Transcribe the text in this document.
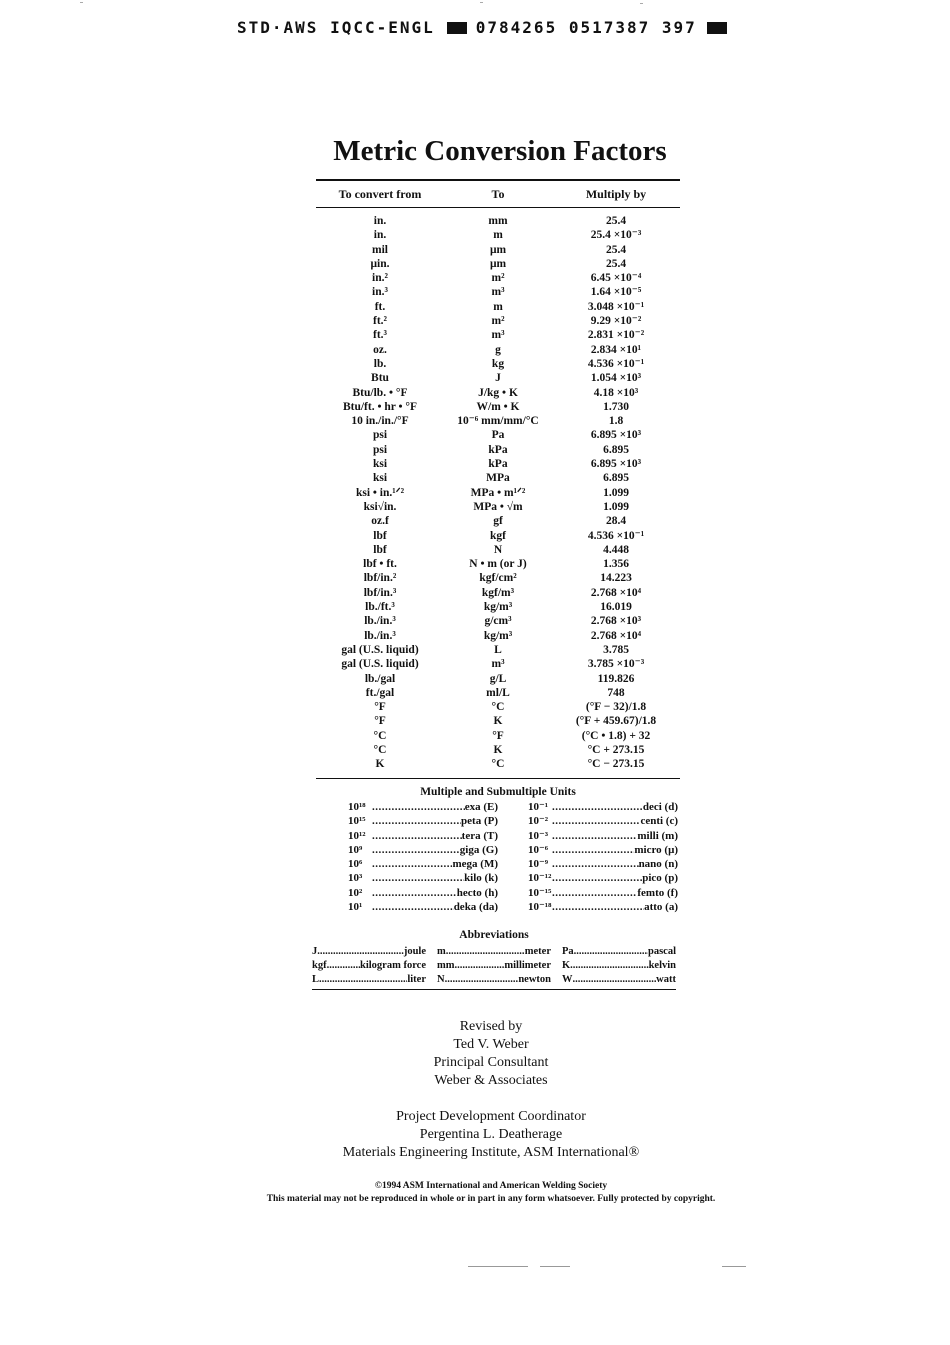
STD·AWS IQCC-ENGL	0784265 0517387 397
Metric Conversion Factors
To convert from	To	Multiply by
in.	mm	25.4
in.	m	25.4 ×10⁻³
mil	μm	25.4
μin.	μm	25.4
in.²	m²	6.45 ×10⁻⁴
in.³	m³	1.64 ×10⁻⁵
ft.	m	3.048 ×10⁻¹
ft.²	m²	9.29 ×10⁻²
ft.³	m³	2.831 ×10⁻²
oz.	g	2.834 ×10¹
lb.	kg	4.536 ×10⁻¹
Btu	J	1.054 ×10³
Btu/lb. • °F	J/kg • K	4.18 ×10³
Btu/ft. • hr • °F	W/m • K	1.730
10 in./in./°F	10⁻⁶ mm/mm/°C	1.8
psi	Pa	6.895 ×10³
psi	kPa	6.895
ksi	kPa	6.895 ×10³
ksi	MPa	6.895
ksi • in.¹ᐟ²	MPa • m¹ᐟ²	1.099
ksi√in.	MPa • √m	1.099
oz.f	gf	28.4
lbf	kgf	4.536 ×10⁻¹
lbf	N	4.448
lbf • ft.	N • m (or J)	1.356
lbf/in.²	kgf/cm²	14.223
lbf/in.³	kgf/m³	2.768 ×10⁴
lb./ft.³	kg/m³	16.019
lb./in.³	g/cm³	2.768 ×10³
lb./in.³	kg/m³	2.768 ×10⁴
gal (U.S. liquid)	L	3.785
gal (U.S. liquid)	m³	3.785 ×10⁻³
lb./gal	g/L	119.826
ft./gal	ml/L	748
°F	°C	(°F − 32)/1.8
°F	K	(°F + 459.67)/1.8
°C	°F	(°C • 1.8) + 32
°C	K	°C + 273.15
K	°C	°C − 273.15
Multiple and Submultiple Units
10¹⁸ .....	exa (E)
10¹⁵ .....	peta (P)
10¹² .....	tera (T)
10⁹ .....	giga (G)
10⁶ .....	mega (M)
10³ .....	kilo (k)
10² .....	hecto (h)
10¹ .....	deka (da)
10⁻¹ .....	deci (d)
10⁻² .....	centi (c)
10⁻³ .....	milli (m)
10⁻⁶ .....	micro (μ)
10⁻⁹ .....	nano (n)
10⁻¹² .....	pico (p)
10⁻¹⁵ .....	femto (f)
10⁻¹⁸ .....	atto (a)
Abbreviations
J .....	joule
kgf .....	kilogram force
L .....	liter
m .....	meter
mm .....	millimeter
N .....	newton
Pa .....	pascal
K .....	kelvin
W .....	watt
Revised by
Ted V. Weber
Principal Consultant
Weber & Associates
Project Development Coordinator
Pergentina L. Deatherage
Materials Engineering Institute, ASM International®
©1994 ASM International and American Welding Society
This material may not be reproduced in whole or in part in any form whatsoever. Fully protected by copyright.
